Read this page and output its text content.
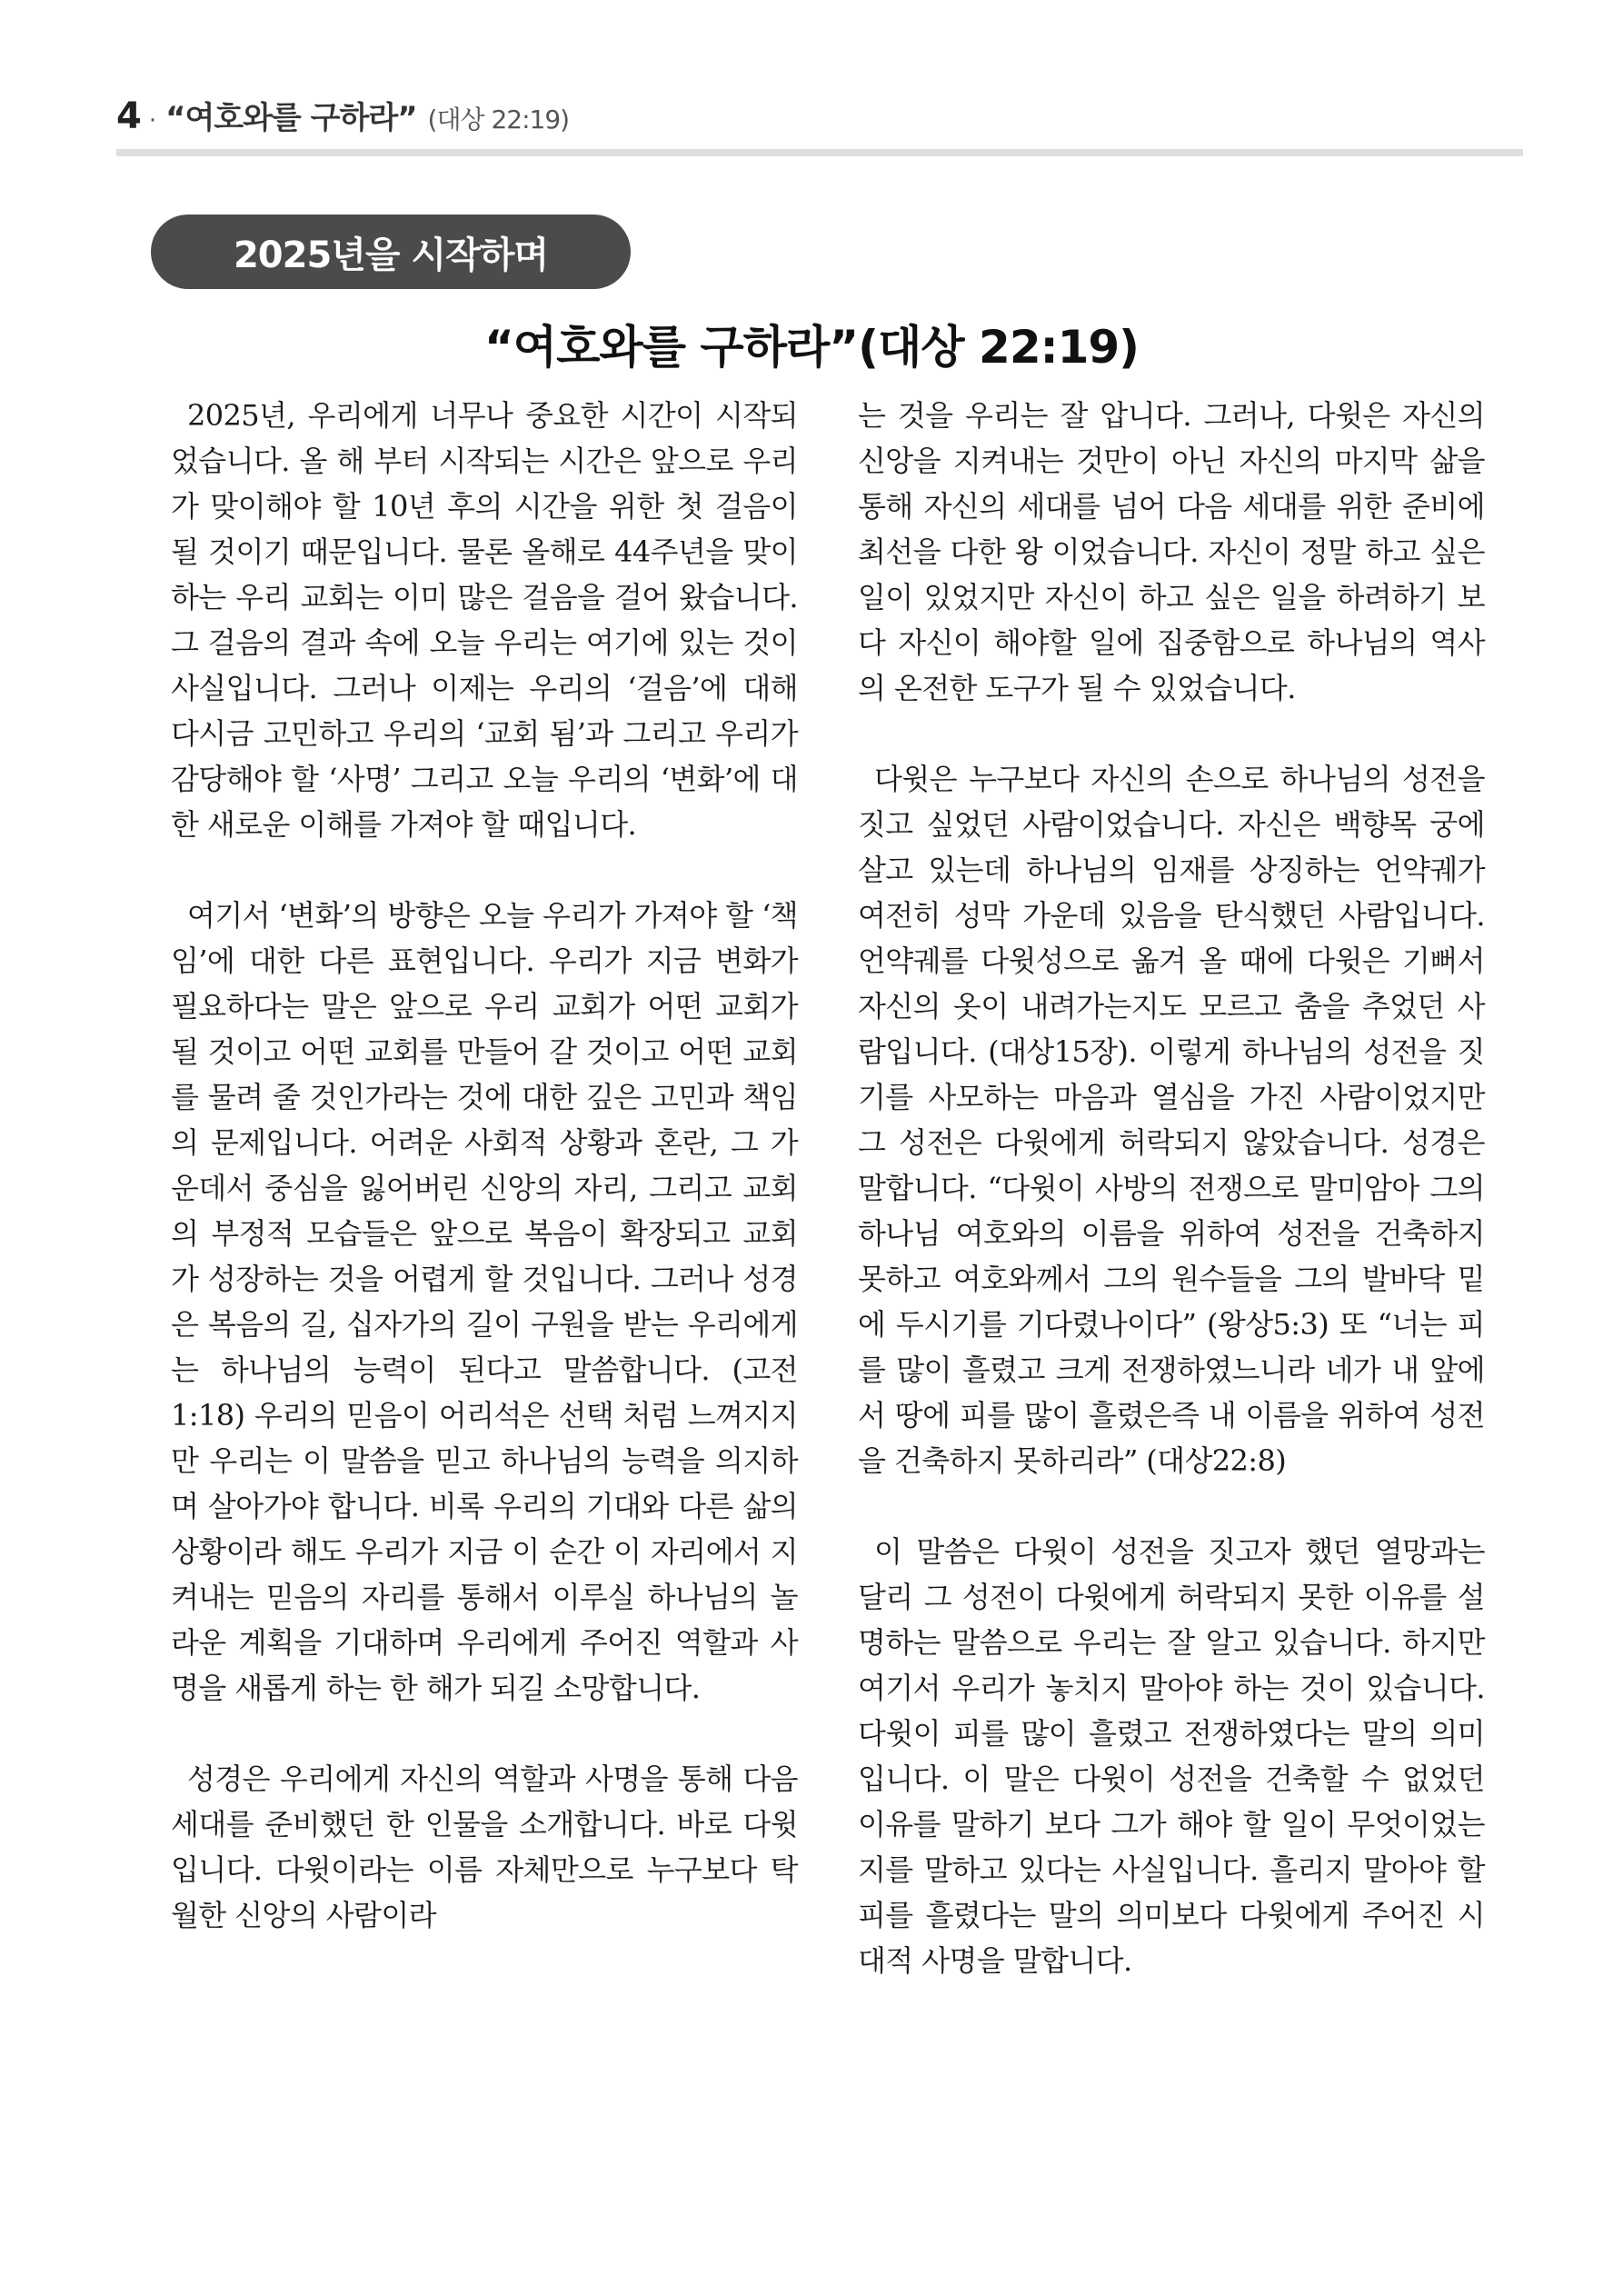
4 · “여호와를 구하라” (대상 22:19)
2025년을 시작하며
“여호와를 구하라”(대상 22:19)

2025년, 우리에게 너무나 중요한 시간이 시작되었습니다. 올 해 부터 시작되는 시간은 앞으로 우리가 맞이해야 할 10년 후의 시간을 위한 첫 걸음이 될 것이기 때문입니다. 물론 올해로 44주년을 맞이하는 우리 교회는 이미 많은 걸음을 걸어 왔습니다. 그 걸음의 결과 속에 오늘 우리는 여기에 있는 것이 사실입니다. 그러나 이제는 우리의 ‘걸음’에 대해 다시금 고민하고 우리의 ‘교회 됨’과 그리고 우리가 감당해야 할 ‘사명’ 그리고 오늘 우리의 ‘변화’에 대한 새로운 이해를 가져야 할 때입니다.

여기서 ‘변화’의 방향은 오늘 우리가 가져야 할 ‘책임’에 대한 다른 표현입니다. 우리가 지금 변화가 필요하다는 말은 앞으로 우리 교회가 어떤 교회가 될 것이고 어떤 교회를 만들어 갈 것이고 어떤 교회를 물려 줄 것인가라는 것에 대한 깊은 고민과 책임의 문제입니다. 어려운 사회적 상황과 혼란, 그 가운데서 중심을 잃어버린 신앙의 자리, 그리고 교회의 부정적 모습들은 앞으로 복음이 확장되고 교회가 성장하는 것을 어렵게 할 것입니다. 그러나 성경은 복음의 길, 십자가의 길이 구원을 받는 우리에게는 하나님의 능력이 된다고 말씀합니다. (고전1:18) 우리의 믿음이 어리석은 선택 처럼 느껴지지만 우리는 이 말씀을 믿고 하나님의 능력을 의지하며 살아가야 합니다. 비록 우리의 기대와 다른 삶의 상황이라 해도 우리가 지금 이 순간 이 자리에서 지켜내는 믿음의 자리를 통해서 이루실 하나님의 놀라운 계획을 기대하며 우리에게 주어진 역할과 사명을 새롭게 하는 한 해가 되길 소망합니다.

성경은 우리에게 자신의 역할과 사명을 통해 다음 세대를 준비했던 한 인물을 소개합니다. 바로 다윗 입니다. 다윗이라는 이름 자체만으로 누구보다 탁월한 신앙의 사람이라

는 것을 우리는 잘 압니다. 그러나, 다윗은 자신의 신앙을 지켜내는 것만이 아닌 자신의 마지막 삶을 통해 자신의 세대를 넘어 다음 세대를 위한 준비에 최선을 다한 왕 이었습니다. 자신이 정말 하고 싶은 일이 있었지만 자신이 하고 싶은 일을 하려하기 보다 자신이 해야할 일에 집중함으로 하나님의 역사의 온전한 도구가 될 수 있었습니다.

다윗은 누구보다 자신의 손으로 하나님의 성전을 짓고 싶었던 사람이었습니다. 자신은 백향목 궁에 살고 있는데 하나님의 임재를 상징하는 언약궤가 여전히 성막 가운데 있음을 탄식했던 사람입니다. 언약궤를 다윗성으로 옮겨 올 때에 다윗은 기뻐서 자신의 옷이 내려가는지도 모르고 춤을 추었던 사람입니다. (대상15장). 이렇게 하나님의 성전을 짓기를 사모하는 마음과 열심을 가진 사람이었지만 그 성전은 다윗에게 허락되지 않았습니다. 성경은 말합니다. “다윗이 사방의 전쟁으로 말미암아 그의 하나님 여호와의 이름을 위하여 성전을 건축하지 못하고 여호와께서 그의 원수들을 그의 발바닥 밑에 두시기를 기다렸나이다” (왕상5:3) 또 “너는 피를 많이 흘렸고 크게 전쟁하였느니라 네가 내 앞에서 땅에 피를 많이 흘렸은즉 내 이름을 위하여 성전을 건축하지 못하리라” (대상22:8)

이 말씀은 다윗이 성전을 짓고자 했던 열망과는 달리 그 성전이 다윗에게 허락되지 못한 이유를 설명하는 말씀으로 우리는 잘 알고 있습니다. 하지만 여기서 우리가 놓치지 말아야 하는 것이 있습니다. 다윗이 피를 많이 흘렸고 전쟁하였다는 말의 의미입니다. 이 말은 다윗이 성전을 건축할 수 없었던 이유를 말하기 보다 그가 해야 할 일이 무엇이었는지를 말하고 있다는 사실입니다. 흘리지 말아야 할 피를 흘렸다는 말의 의미보다 다윗에게 주어진 시대적 사명을 말합니다.
